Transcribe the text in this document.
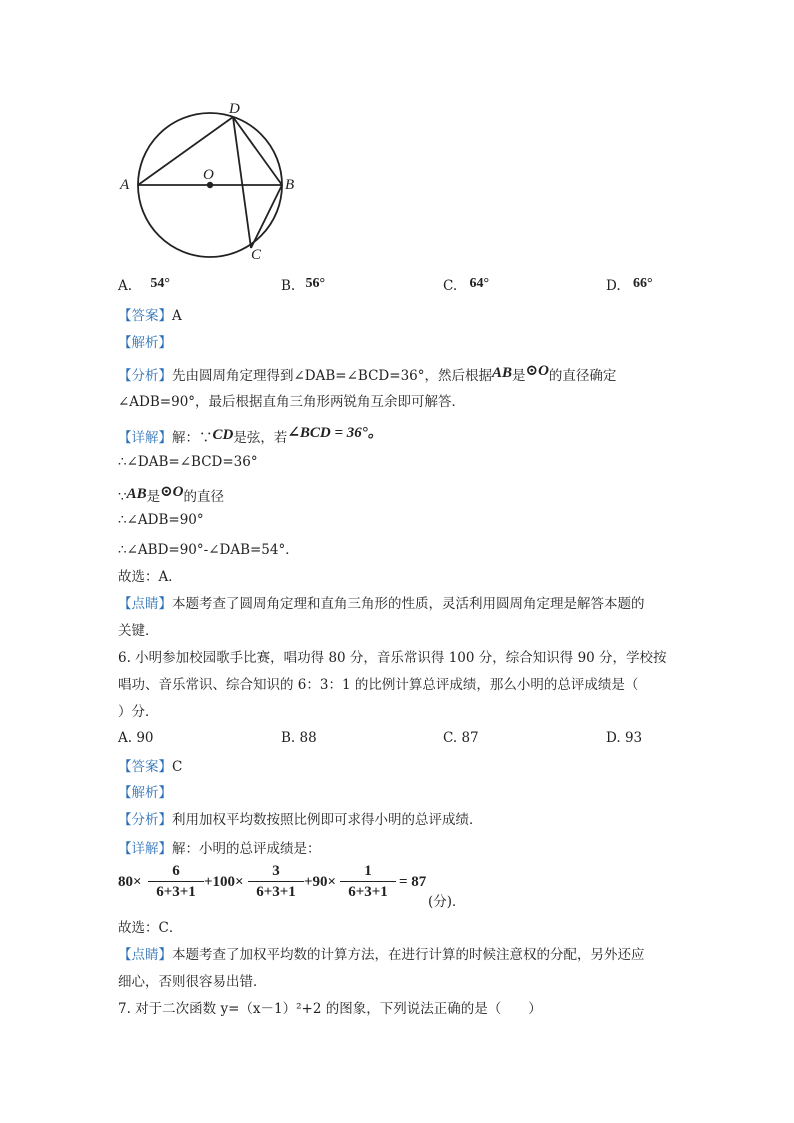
A	B
C
D
O
A. 54°	B. 56°	C. 64°	D. 66°
【答案】A
【解析】
【分析】先由圆周角定理得到∠DAB=∠BCD=36°，然后根据AB是⊙O的直径确定
∠ADB=90°，最后根据直角三角形两锐角互余即可解答．
【详解】解：∵CD是弦，若∠BCD = 36°。
∴∠DAB=∠BCD=36°
∵AB是⊙O的直径
∴∠ADB=90°
∴∠ABD=90°-∠DAB=54°．
故选：A．
【点睛】本题考查了圆周角定理和直角三角形的性质，灵活利用圆周角定理是解答本题的
关键．
6. 小明参加校园歌手比赛，唱功得 80 分，音乐常识得 100 分，综合知识得 90 分，学校按
唱功、音乐常识、综合知识的 6：3：1 的比例计算总评成绩，那么小明的总评成绩是（
）分．
A. 90	B. 88	C. 87	D. 93
【答案】C
【解析】
【分析】利用加权平均数按照比例即可求得小明的总评成绩．
【详解】解：小明的总评成绩是：
80×
6
6+3+1
+100×
3
6+3+1
+90×
1
6+3+1
= 87
(分)．
故选：C．
【点睛】本题考查了加权平均数的计算方法，在进行计算的时候注意权的分配，另外还应
细心，否则很容易出错．
7. 对于二次函数 y=（x－1）²+2 的图象，下列说法正确的是（　　）
